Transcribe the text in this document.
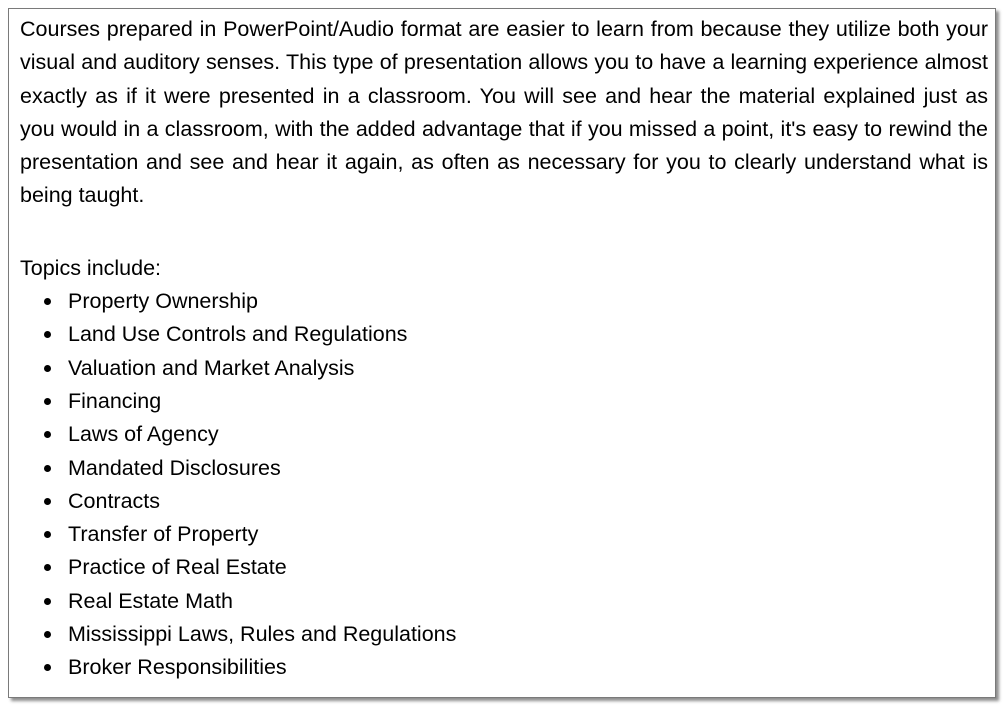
Courses prepared in PowerPoint/Audio format are easier to learn from because they utilize both your visual and auditory senses. This type of presentation allows you to have a learning experience almost exactly as if it were presented in a classroom. You will see and hear the material explained just as you would in a classroom, with the added advantage that if you missed a point, it's easy to rewind the presentation and see and hear it again, as often as necessary for you to clearly understand what is being taught.

Topics include:

Property Ownership
Land Use Controls and Regulations
Valuation and Market Analysis
Financing
Laws of Agency
Mandated Disclosures
Contracts
Transfer of Property
Practice of Real Estate
Real Estate Math
Mississippi Laws, Rules and Regulations
Broker Responsibilities
